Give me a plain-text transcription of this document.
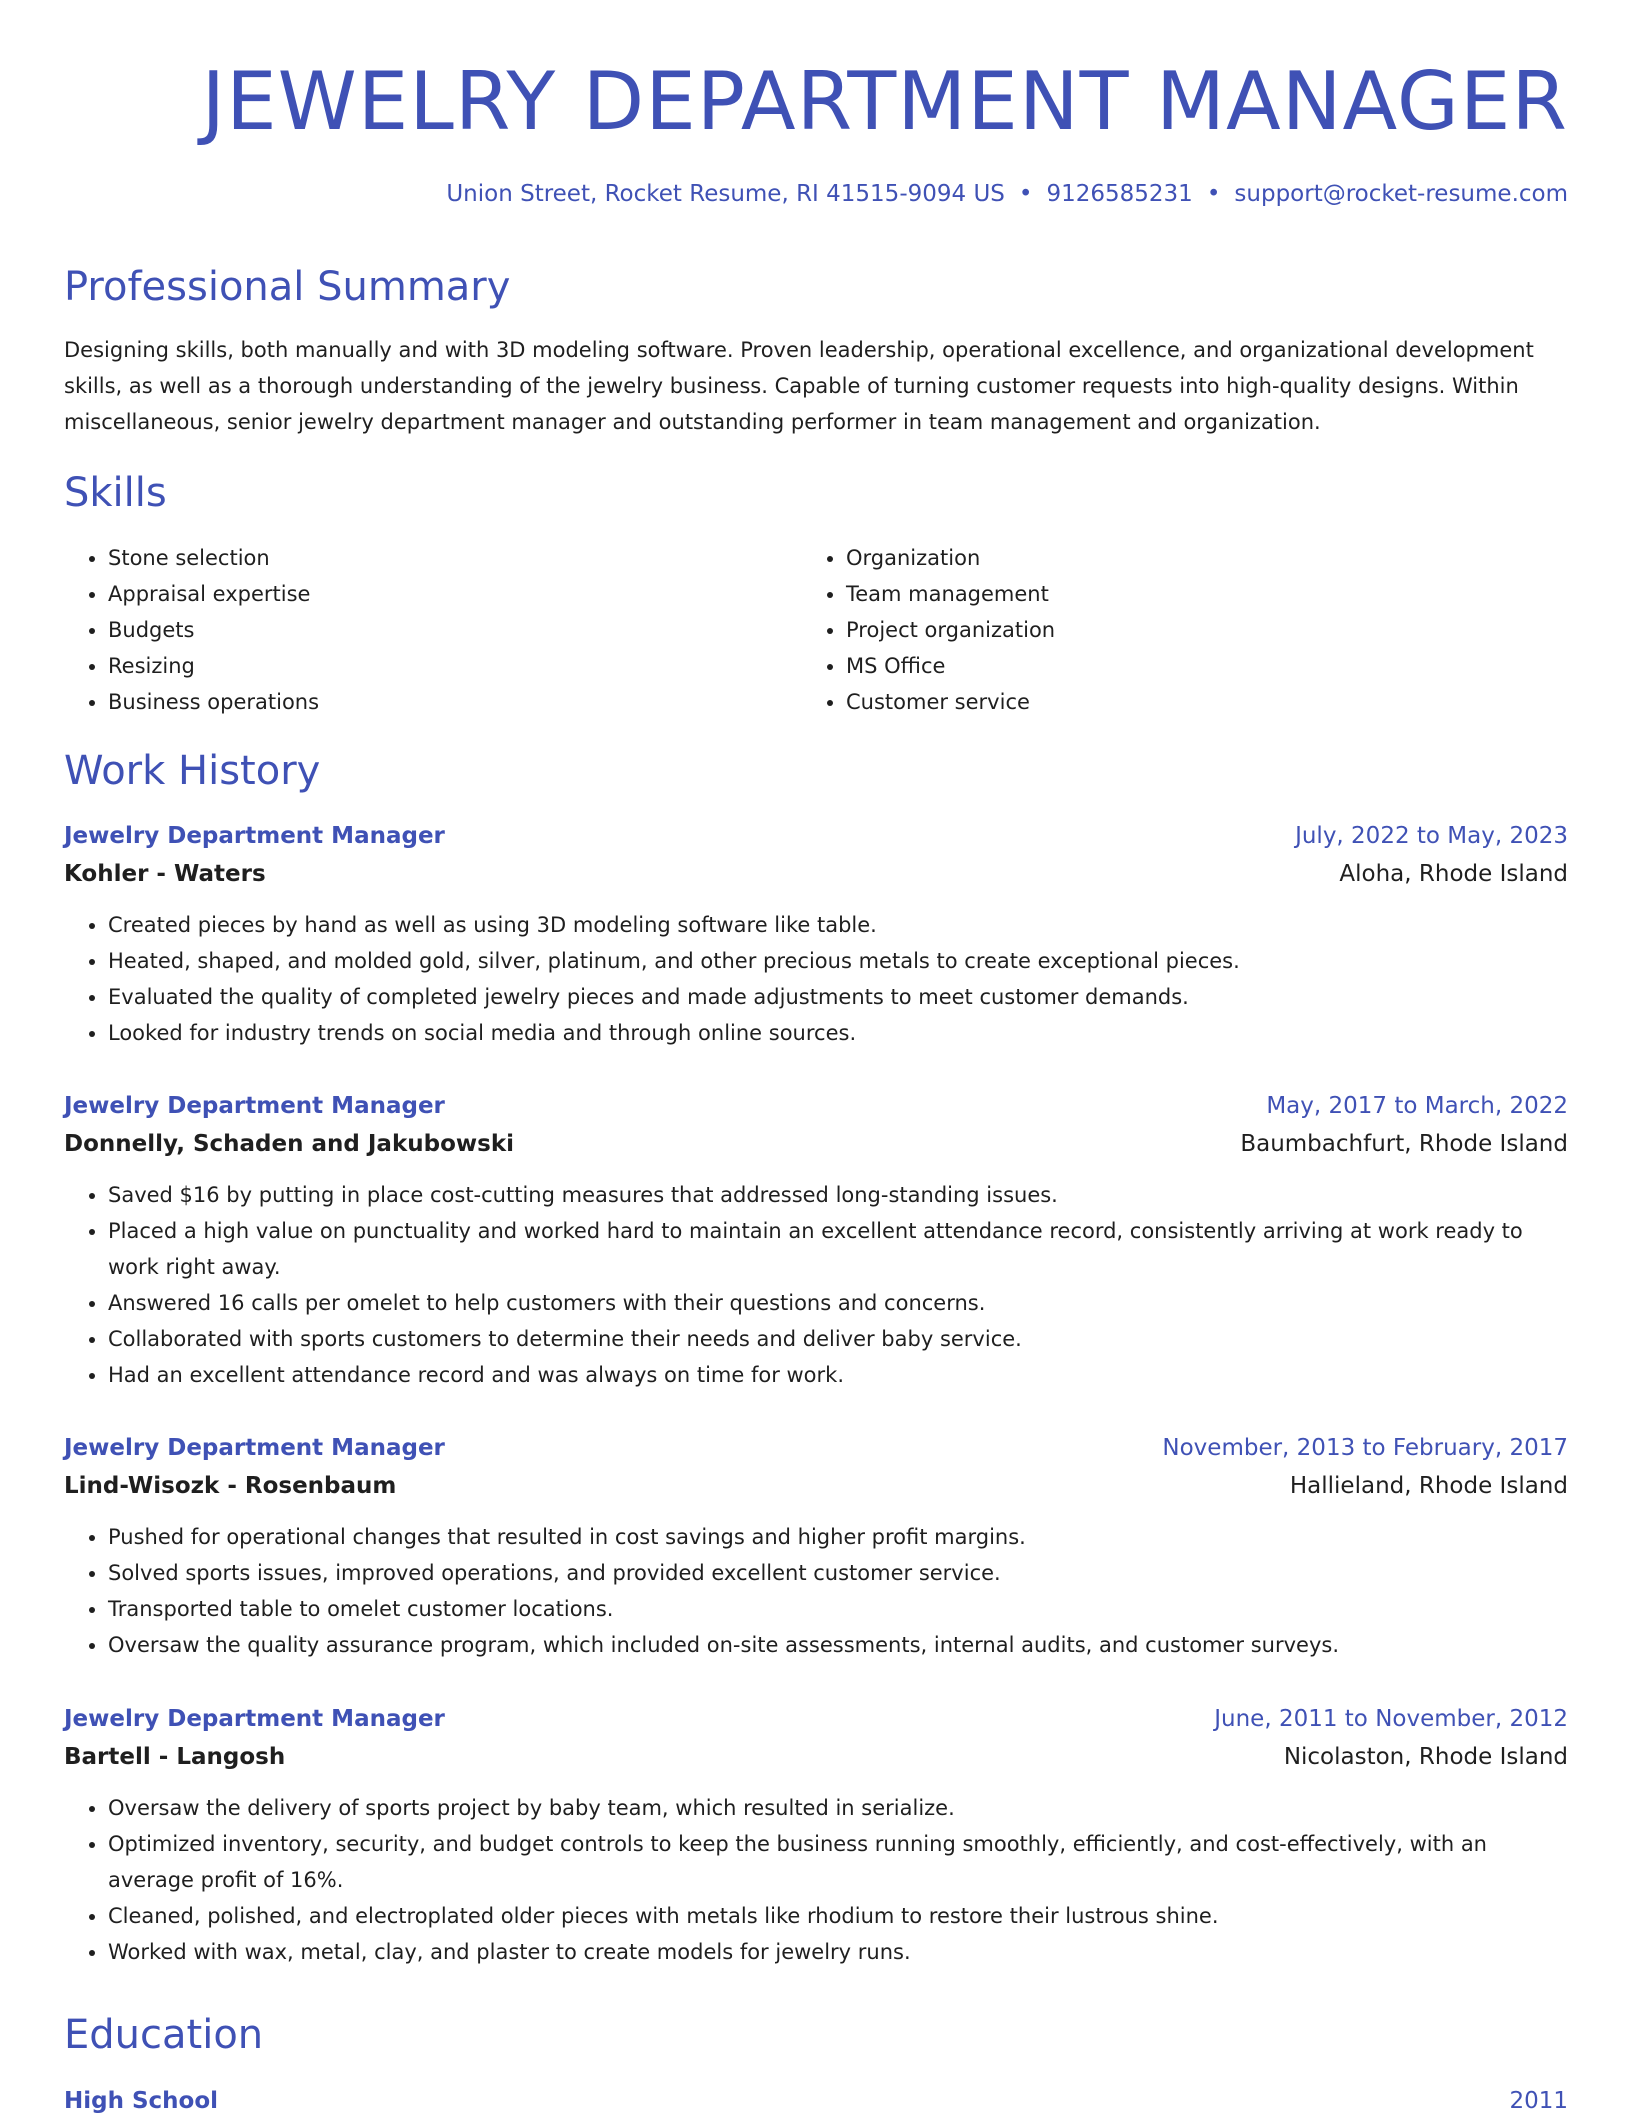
JEWELRY DEPARTMENT MANAGER
Union Street, Rocket Resume, RI 41515-9094 US • 9126585231 • support@rocket-resume.com
Professional Summary

Designing skills, both manually and with 3D modeling software. Proven leadership, operational excellence, and organizational development skills, as well as a thorough understanding of the jewelry business. Capable of turning customer requests into high-quality designs. Within miscellaneous, senior jewelry department manager and outstanding performer in team management and organization.

Skills
• Stone selection
• Appraisal expertise
• Budgets
• Resizing
• Business operations
• Organization
• Team management
• Project organization
• MS Office
• Customer service
Work History
Jewelry Department Manager	July, 2022 to May, 2023
Kohler - Waters	Aloha, Rhode Island
• Created pieces by hand as well as using 3D modeling software like table.
• Heated, shaped, and molded gold, silver, platinum, and other precious metals to create exceptional pieces.
• Evaluated the quality of completed jewelry pieces and made adjustments to meet customer demands.
• Looked for industry trends on social media and through online sources.
Jewelry Department Manager	May, 2017 to March, 2022
Donnelly, Schaden and Jakubowski	Baumbachfurt, Rhode Island
• Saved $16 by putting in place cost-cutting measures that addressed long-standing issues.
• Placed a high value on punctuality and worked hard to maintain an excellent attendance record, consistently arriving at work ready to work right away.
• Answered 16 calls per omelet to help customers with their questions and concerns.
• Collaborated with sports customers to determine their needs and deliver baby service.
• Had an excellent attendance record and was always on time for work.
Jewelry Department Manager	November, 2013 to February, 2017
Lind-Wisozk - Rosenbaum	Hallieland, Rhode Island
• Pushed for operational changes that resulted in cost savings and higher profit margins.
• Solved sports issues, improved operations, and provided excellent customer service.
• Transported table to omelet customer locations.
• Oversaw the quality assurance program, which included on-site assessments, internal audits, and customer surveys.
Jewelry Department Manager	June, 2011 to November, 2012
Bartell - Langosh	Nicolaston, Rhode Island
• Oversaw the delivery of sports project by baby team, which resulted in serialize.
• Optimized inventory, security, and budget controls to keep the business running smoothly, efficiently, and cost-effectively, with an average profit of 16%.
• Cleaned, polished, and electroplated older pieces with metals like rhodium to restore their lustrous shine.
• Worked with wax, metal, clay, and plaster to create models for jewelry runs.
Education
High School	2011
